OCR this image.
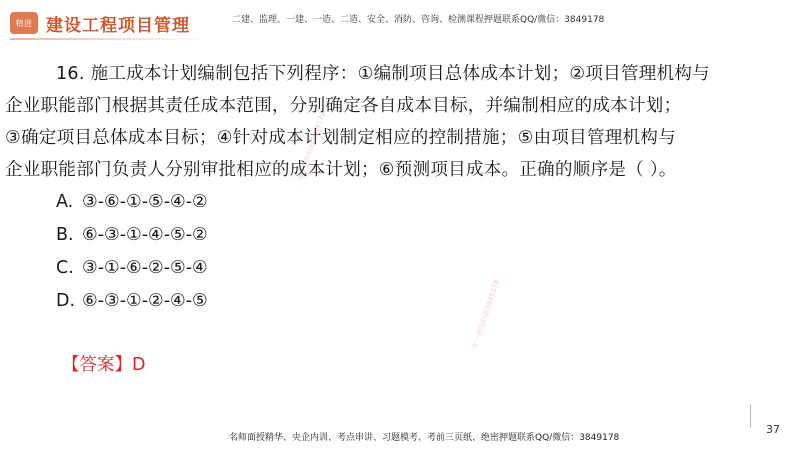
精进 建设工程项目管理	二建、监理、一建、一造、二造、安全、消防、咨询、检测课程押题联系QQ/微信：3849178
16. 施工成本计划编制包括下列程序：①编制项目总体成本计划；②项目管理机构与
企业职能部门根据其责任成本范围，分别确定各自成本目标，并编制相应的成本计划；
③确定项目总体成本目标；④针对成本计划制定相应的控制措施；⑤由项目管理机构与
企业职能部门负责人分别审批相应的成本计划；⑥预测项目成本。正确的顺序是（ ）。
A. ③-⑥-①-⑤-④-②
B. ⑥-③-①-④-⑤-②
C. ③-①-⑥-②-⑤-④
D. ⑥-③-①-②-④-⑤
【答案】D
考一建资料群3849178
考一建资料群3849178
37
名师面授精华、央企内训、考点串讲、习题模考、考前三页纸、绝密押题联系QQ/微信：3849178
